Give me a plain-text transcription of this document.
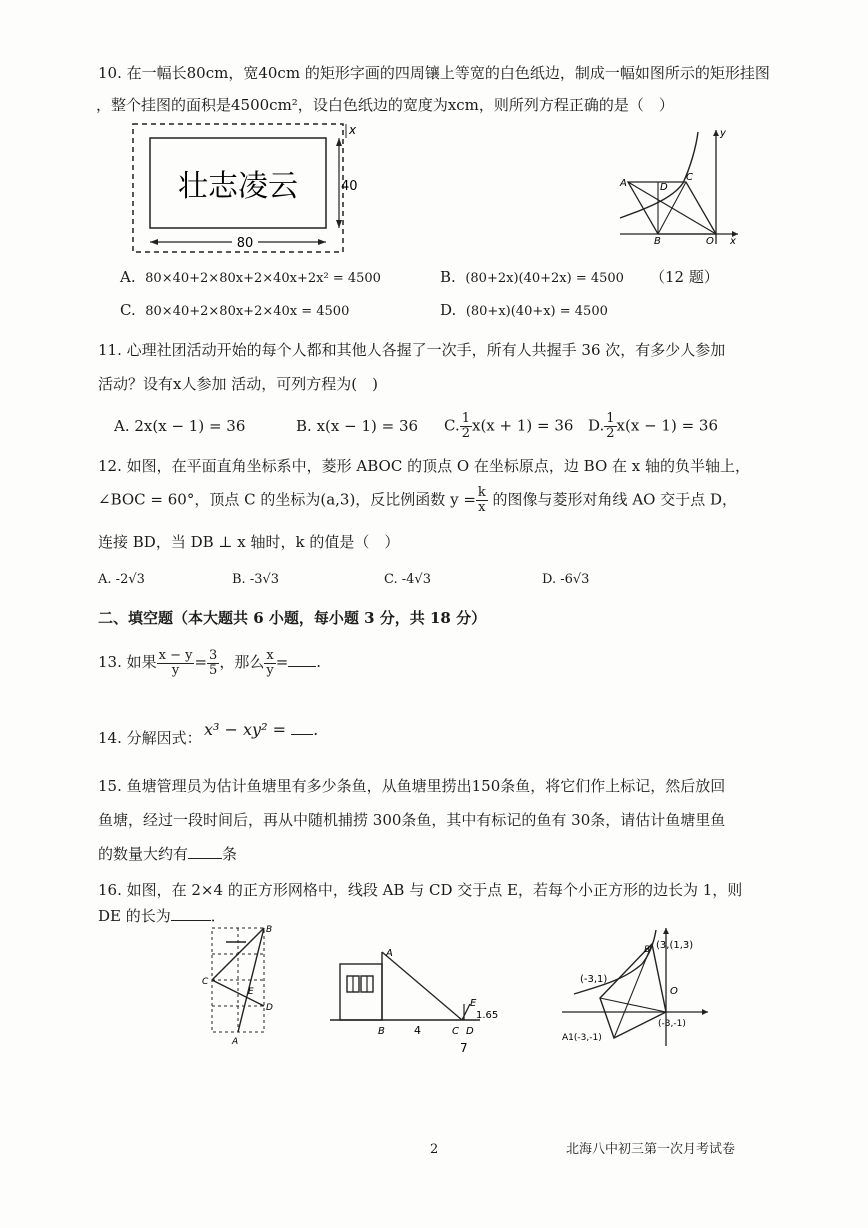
10. 在一幅长80cm，宽40cm 的矩形字画的四周镶上等宽的白色纸边，制成一幅如图所示的矩形挂图
，整个挂图的面积是4500cm²，设白色纸边的宽度为xcm，则所列方程正确的是（　）
壮志凌云
80
40
x
A	D
C
B	O x
y
A. 80×40+2×80x+2×40x+2x² = 4500	B. (80+2x)(40+2x) = 4500 （12 题）
C. 80×40+2×80x+2×40x = 4500	D. (80+x)(40+x) = 4500
11. 心理社团活动开始的每个人都和其他人各握了一次手，所有人共握手 36 次，有多少人参加
活动？设有x人参加 活动，可列方程为(　)
A. 2x(x − 1) = 36	B. x(x − 1) = 36 C. $\frac{1}{2} x(x + 1) = 36$ D. $\frac{1}{2} x(x - 1) = 36$
12. 如图，在平面直角坐标系中，菱形 ABOC 的顶点 O 在坐标原点，边 BO 在 x 轴的负半轴上，
∠BOC = 60°，顶点 C 的坐标为(a,3)，反比例函数 $y = \frac{k}{x}$ 的图像与菱形对角线 AO 交于点 D，
连接 BD，当 DB ⊥ x 轴时，k 的值是（　）
A. -2√3	B. -3√3	C. -4√3	D. -6√3
二、填空题（本大题共 6 小题，每小题 3 分，共 18 分）
13. 如果 $\frac{x - y}{y} = \frac{3}{5}$ ，那么 $\frac{x}{y}$ = .
14. 分解因式： x³ − xy² = .
15. 鱼塘管理员为估计鱼塘里有多少条鱼，从鱼塘里捞出150条鱼，将它们作上标记，然后放回
鱼塘，经过一段时间后，再从中随机捕捞 300条鱼，其中有标记的鱼有 30条，请估计鱼塘里鱼
的数量大约有 条
16. 如图，在 2×4 的正方形网格中，线段 AB 与 CD 交于点 E，若每个小正方形的边长为 1，则
DE 的长为	．
B
C
D
E
A
A
B	C D
E
4
1.65
7
(-3,1)
(3,(1,3)
A1(-3,-1)
(-3,-1)
O
B
2	北海八中初三第一次月考试卷
